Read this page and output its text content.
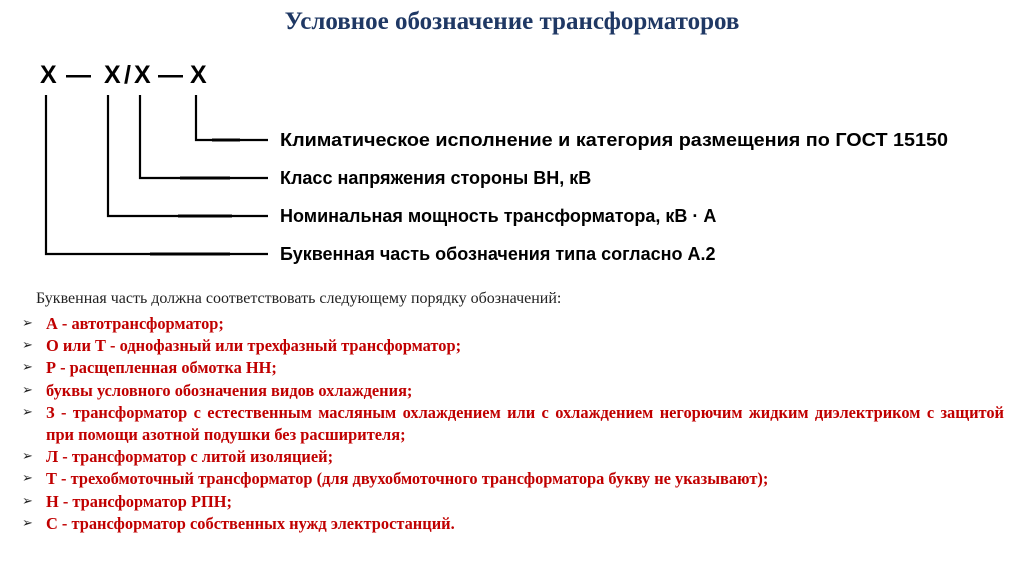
Условное обозначение трансформаторов
X — X / X — X
Климатическое исполнение и категория размещения по ГОСТ 15150
Класс напряжения стороны ВН, кВ
Номинальная мощность трансформатора, кВ · А
Буквенная часть обозначения типа согласно А.2
Буквенная часть должна соответствовать следующему порядку обозначений:
➢ А - автотрансформатор;
➢ О или Т - однофазный или трехфазный трансформатор;
➢ Р - расщепленная обмотка НН;
➢ буквы условного обозначения видов охлаждения;
➢ З - трансформатор с естественным масляным охлаждением или с охлаждением негорючим жидким диэлектриком с защитой при помощи азотной подушки без расширителя;
➢ Л - трансформатор с литой изоляцией;
➢ Т - трехобмоточный трансформатор (для двухобмоточного трансформатора букву не указывают);
➢ Н - трансформатор РПН;
➢ С - трансформатор собственных нужд электростанций.
